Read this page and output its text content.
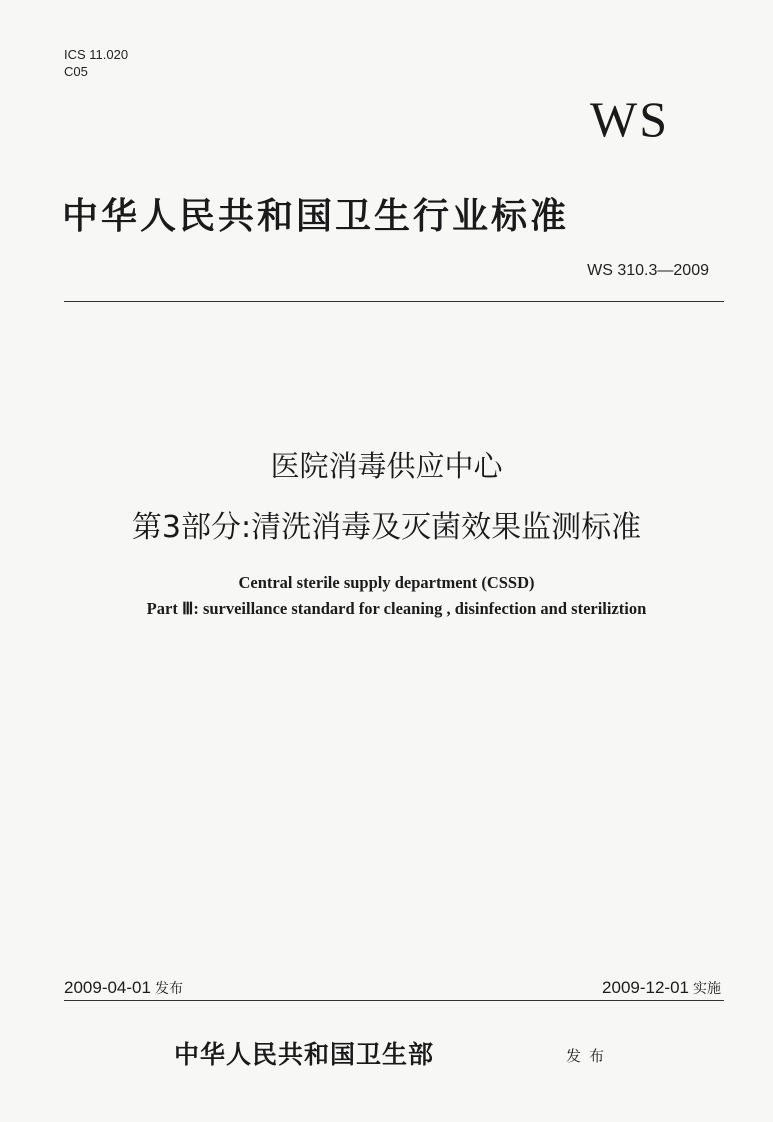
ICS 11.020
C05
WS
中华人民共和国卫生行业标准
WS 310.3—2009
医院消毒供应中心
第3部分:清洗消毒及灭菌效果监测标准
Central sterile supply department (CSSD)
Part Ⅲ: surveillance standard for cleaning , disinfection and steriliztion
2009-04-01 发布	2009-12-01 实施
中华人民共和国卫生部	发布
